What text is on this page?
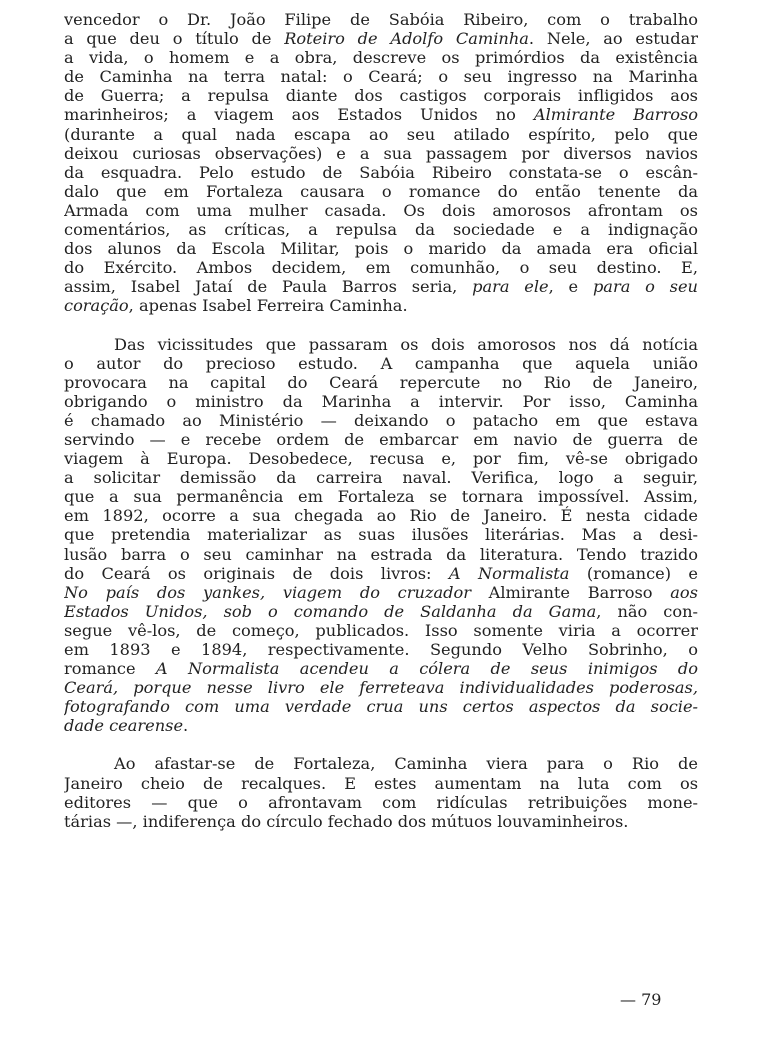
vencedor o Dr. João Filipe de Sabóia Ribeiro, com o trabalho
a que deu o título de Roteiro de Adolfo Caminha. Nele, ao estudar
a vida, o homem e a obra, descreve os primórdios da existência
de Caminha na terra natal: o Ceará; o seu ingresso na Marinha
de Guerra; a repulsa diante dos castigos corporais infligidos aos
marinheiros; a viagem aos Estados Unidos no Almirante Barroso
(durante a qual nada escapa ao seu atilado espírito, pelo que
deixou curiosas observações) e a sua passagem por diversos navios
da esquadra. Pelo estudo de Sabóia Ribeiro constata-se o escân-
dalo que em Fortaleza causara o romance do então tenente da
Armada com uma mulher casada. Os dois amorosos afrontam os
comentários, as críticas, a repulsa da sociedade e a indignação
dos alunos da Escola Militar, pois o marido da amada era oficial
do Exército. Ambos decidem, em comunhão, o seu destino. E,
assim, Isabel Jataí de Paula Barros seria, para ele, e para o seu
coração, apenas Isabel Ferreira Caminha.
Das vicissitudes que passaram os dois amorosos nos dá notícia
o autor do precioso estudo. A campanha que aquela união
provocara na capital do Ceará repercute no Rio de Janeiro,
obrigando o ministro da Marinha a intervir. Por isso, Caminha
é chamado ao Ministério — deixando o patacho em que estava
servindo — e recebe ordem de embarcar em navio de guerra de
viagem à Europa. Desobedece, recusa e, por fim, vê-se obrigado
a solicitar demissão da carreira naval. Verifica, logo a seguir,
que a sua permanência em Fortaleza se tornara impossível. Assim,
em 1892, ocorre a sua chegada ao Rio de Janeiro. É nesta cidade
que pretendia materializar as suas ilusões literárias. Mas a desi-
lusão barra o seu caminhar na estrada da literatura. Tendo trazido
do Ceará os originais de dois livros: A Normalista (romance) e
No país dos yankes, viagem do cruzador Almirante Barroso aos
Estados Unidos, sob o comando de Saldanha da Gama, não con-
segue vê-los, de começo, publicados. Isso somente viria a ocorrer
em 1893 e 1894, respectivamente. Segundo Velho Sobrinho, o
romance A Normalista acendeu a cólera de seus inimigos do
Ceará, porque nesse livro ele ferreteava individualidades poderosas,
fotografando com uma verdade crua uns certos aspectos da socie-
dade cearense.
Ao afastar-se de Fortaleza, Caminha viera para o Rio de
Janeiro cheio de recalques. E estes aumentam na luta com os
editores — que o afrontavam com ridículas retribuições mone-
tárias —, indiferença do círculo fechado dos mútuos louvaminheiros.
— 79
